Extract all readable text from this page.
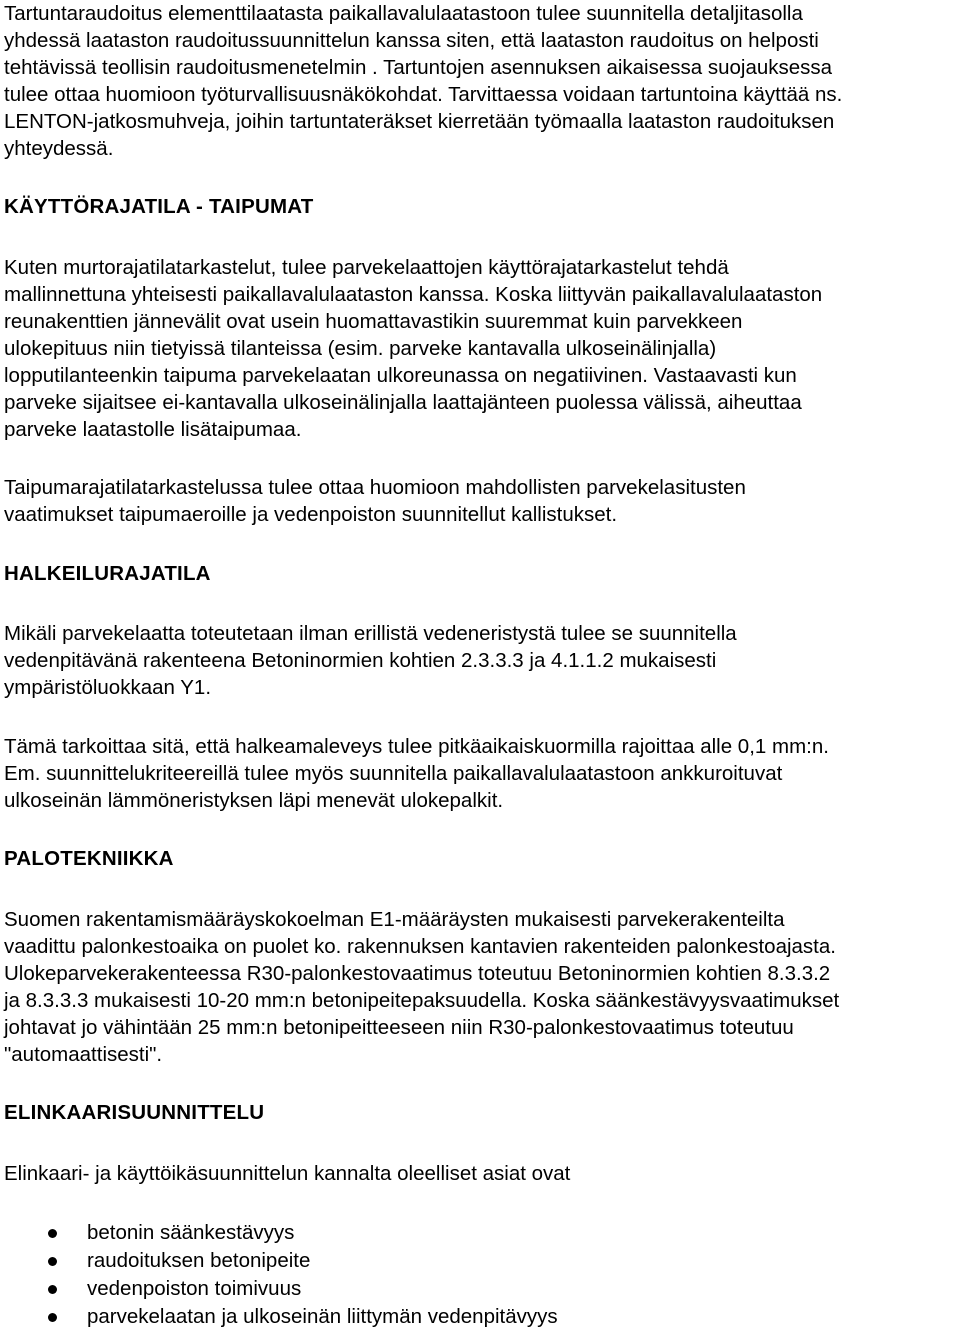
Tartuntaraudoitus elementtilaatasta paikallavalulaatastoon tulee suunnitella detaljitasolla

yhdessä laataston raudoitussuunnittelun kanssa siten, että laataston raudoitus on helposti

tehtävissä teollisin raudoitusmenetelmin . Tartuntojen asennuksen aikaisessa suojauksessa

tulee ottaa huomioon työturvallisuusnäkökohdat. Tarvittaessa voidaan tartuntoina käyttää ns.

LENTON-jatkosmuhveja, joihin tartuntateräkset kierretään työmaalla laataston raudoituksen

yhteydessä.

KÄYTTÖRAJATILA - TAIPUMAT

Kuten murtorajatilatarkastelut, tulee parvekelaattojen käyttörajatarkastelut tehdä

mallinnettuna yhteisesti paikallavalulaataston kanssa. Koska liittyvän paikallavalulaataston

reunakenttien jännevälit ovat usein huomattavastikin suuremmat kuin parvekkeen

ulokepituus niin tietyissä tilanteissa (esim. parveke kantavalla ulkoseinälinjalla)

lopputilanteenkin taipuma parvekelaatan ulkoreunassa on negatiivinen. Vastaavasti kun

parveke sijaitsee ei-kantavalla ulkoseinälinjalla laattajänteen puolessa välissä, aiheuttaa

parveke laatastolle lisätaipumaa.

Taipumarajatilatarkastelussa tulee ottaa huomioon mahdollisten parvekelasitusten

vaatimukset taipumaeroille ja vedenpoiston suunnitellut kallistukset.

HALKEILURAJATILA

Mikäli parvekelaatta toteutetaan ilman erillistä vedeneristystä tulee se suunnitella

vedenpitävänä rakenteena Betoninormien kohtien 2.3.3.3 ja 4.1.1.2 mukaisesti

ympäristöluokkaan Y1.

Tämä tarkoittaa sitä, että halkeamaleveys tulee pitkäaikaiskuormilla rajoittaa alle 0,1 mm:n.

Em. suunnittelukriteereillä tulee myös suunnitella paikallavalulaatastoon ankkuroituvat

ulkoseinän lämmöneristyksen läpi menevät ulokepalkit.

PALOTEKNIIKKA

Suomen rakentamismääräyskokoelman E1-määräysten mukaisesti parvekerakenteilta

vaadittu palonkestoaika on puolet ko. rakennuksen kantavien rakenteiden palonkestoajasta.

Ulokeparvekerakenteessa R30-palonkestovaatimus toteutuu Betoninormien kohtien 8.3.3.2

ja 8.3.3.3 mukaisesti 10-20 mm:n betonipeitepaksuudella. Koska säänkestävyysvaatimukset

johtavat jo vähintään 25 mm:n betonipeitteeseen niin R30-palonkestovaatimus toteutuu

"automaattisesti".

ELINKAARISUUNNITTELU
Elinkaari- ja käyttöikäsuunnittelun kannalta oleelliset asiat ovat
betonin säänkestävyys
raudoituksen betonipeite
vedenpoiston toimivuus
parvekelaatan ja ulkoseinän liittymän vedenpitävyys
